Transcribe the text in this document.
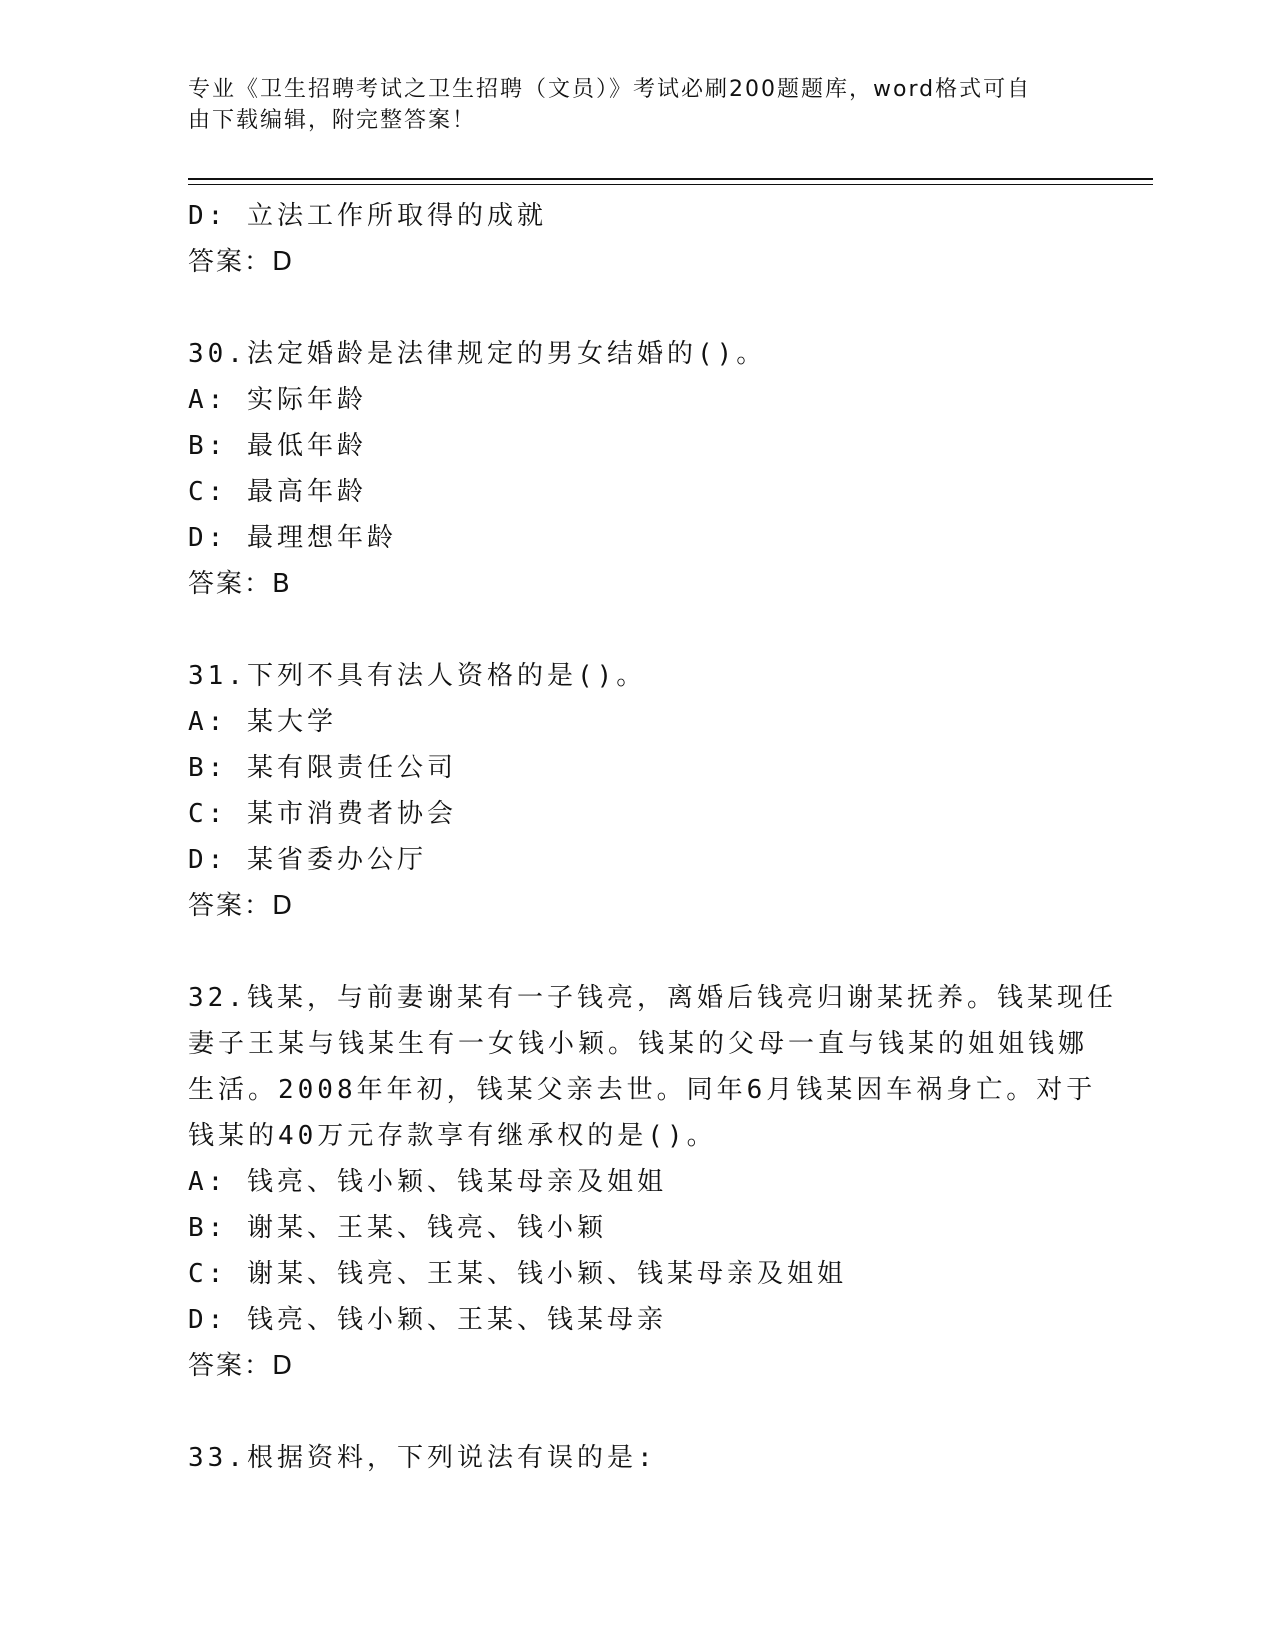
专业《卫生招聘考试之卫生招聘（文员）》考试必刷200题题库，word格式可自
由下载编辑，附完整答案！
D: 立法工作所取得的成就
答案：D
30.法定婚龄是法律规定的男女结婚的()。
A: 实际年龄
B: 最低年龄
C: 最高年龄
D: 最理想年龄
答案：B
31.下列不具有法人资格的是()。
A: 某大学
B: 某有限责任公司
C: 某市消费者协会
D: 某省委办公厅
答案：D
32.钱某，与前妻谢某有一子钱亮，离婚后钱亮归谢某抚养。钱某现任
妻子王某与钱某生有一女钱小颖。钱某的父母一直与钱某的姐姐钱娜
生活。2008年年初，钱某父亲去世。同年6月钱某因车祸身亡。对于
钱某的40万元存款享有继承权的是()。
A: 钱亮、钱小颖、钱某母亲及姐姐
B: 谢某、王某、钱亮、钱小颖
C: 谢某、钱亮、王某、钱小颖、钱某母亲及姐姐
D: 钱亮、钱小颖、王某、钱某母亲
答案：D
33.根据资料，下列说法有误的是:
